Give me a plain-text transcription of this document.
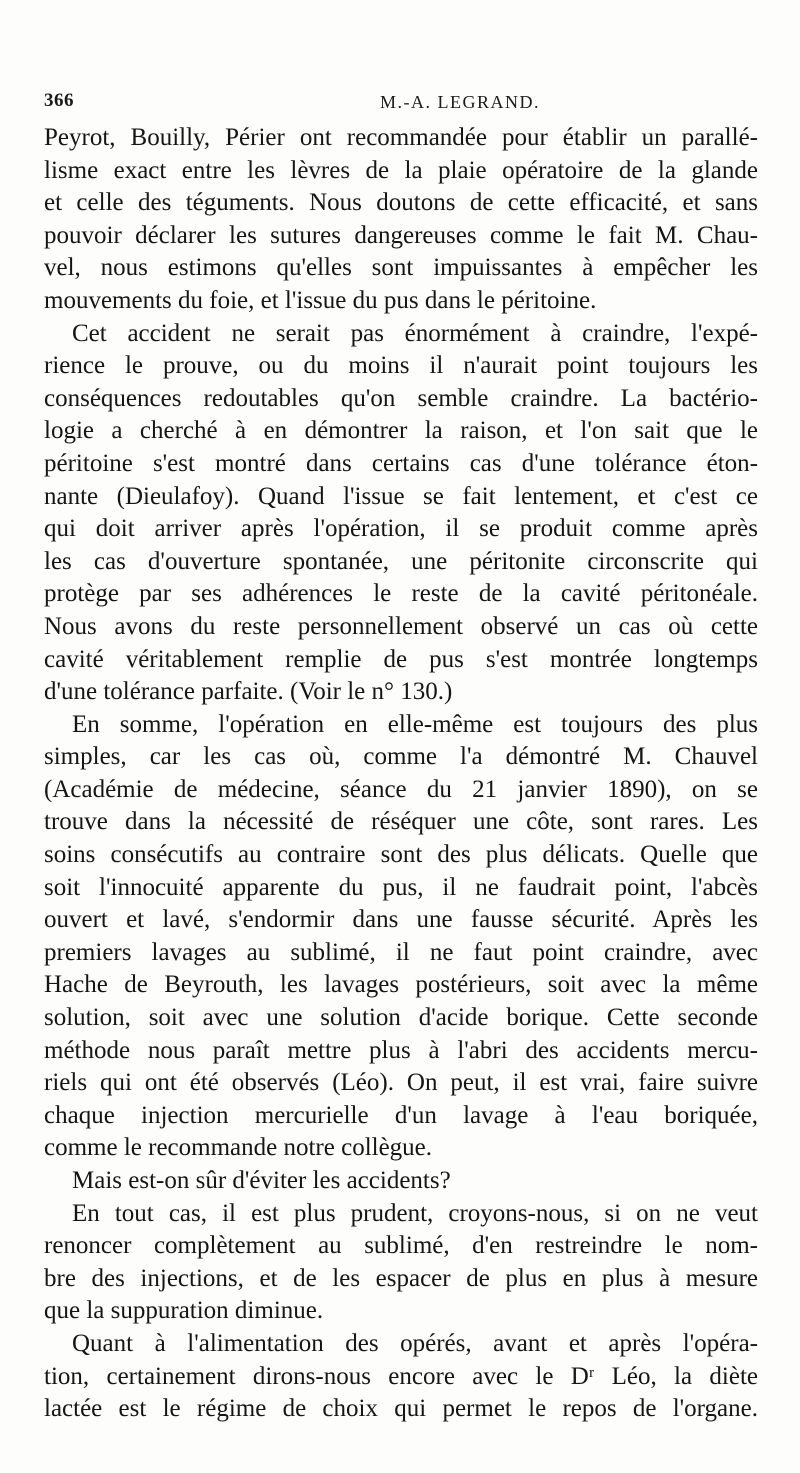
366	M.-A. LEGRAND.
Peyrot, Bouilly, Périer ont recommandée pour établir un parallé-
lisme exact entre les lèvres de la plaie opératoire de la glande
et celle des téguments. Nous doutons de cette efficacité, et sans
pouvoir déclarer les sutures dangereuses comme le fait M. Chau-
vel, nous estimons qu'elles sont impuissantes à empêcher les
mouvements du foie, et l'issue du pus dans le péritoine.
Cet accident ne serait pas énormément à craindre, l'expé-
rience le prouve, ou du moins il n'aurait point toujours les
conséquences redoutables qu'on semble craindre. La bactério-
logie a cherché à en démontrer la raison, et l'on sait que le
péritoine s'est montré dans certains cas d'une tolérance éton-
nante (Dieulafoy). Quand l'issue se fait lentement, et c'est ce
qui doit arriver après l'opération, il se produit comme après
les cas d'ouverture spontanée, une péritonite circonscrite qui
protège par ses adhérences le reste de la cavité péritonéale.
Nous avons du reste personnellement observé un cas où cette
cavité véritablement remplie de pus s'est montrée longtemps
d'une tolérance parfaite. (Voir le n° 130.)
En somme, l'opération en elle-même est toujours des plus
simples, car les cas où, comme l'a démontré M. Chauvel
(Académie de médecine, séance du 21 janvier 1890), on se
trouve dans la nécessité de réséquer une côte, sont rares. Les
soins consécutifs au contraire sont des plus délicats. Quelle que
soit l'innocuité apparente du pus, il ne faudrait point, l'abcès
ouvert et lavé, s'endormir dans une fausse sécurité. Après les
premiers lavages au sublimé, il ne faut point craindre, avec
Hache de Beyrouth, les lavages postérieurs, soit avec la même
solution, soit avec une solution d'acide borique. Cette seconde
méthode nous paraît mettre plus à l'abri des accidents mercu-
riels qui ont été observés (Léo). On peut, il est vrai, faire suivre
chaque injection mercurielle d'un lavage à l'eau boriquée,
comme le recommande notre collègue.
Mais est-on sûr d'éviter les accidents?
En tout cas, il est plus prudent, croyons-nous, si on ne veut
renoncer complètement au sublimé, d'en restreindre le nom-
bre des injections, et de les espacer de plus en plus à mesure
que la suppuration diminue.
Quant à l'alimentation des opérés, avant et après l'opéra-
tion, certainement dirons-nous encore avec le Dʳ Léo, la diète
lactée est le régime de choix qui permet le repos de l'organe.
